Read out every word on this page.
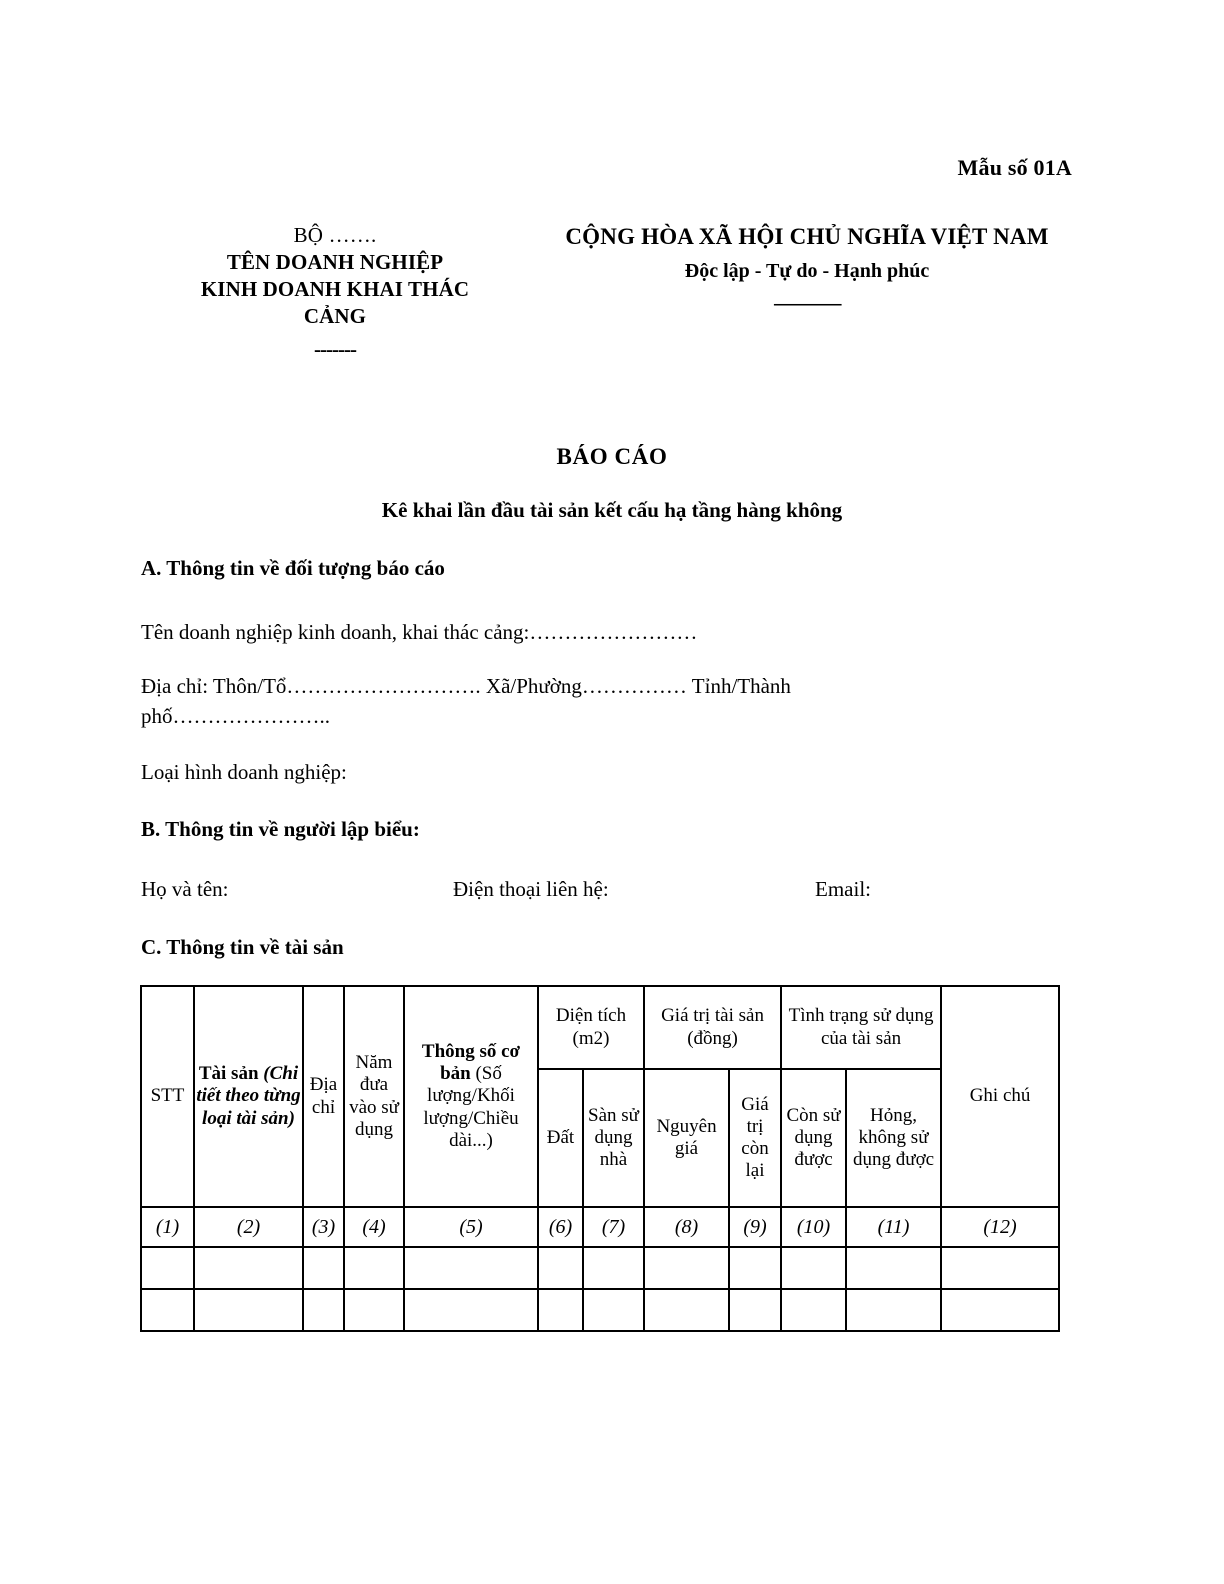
Mẫu số 01A
BỘ …….
TÊN DOANH NGHIỆP
KINH DOANH KHAI THÁC
CẢNG
-------
CỘNG HÒA XÃ HỘI CHỦ NGHĨA VIỆT NAM
Độc lập - Tự do - Hạnh phúc
---------------
BÁO CÁO
Kê khai lần đầu tài sản kết cấu hạ tầng hàng không
A. Thông tin về đối tượng báo cáo
Tên doanh nghiệp kinh doanh, khai thác cảng:……………………
Địa chỉ: Thôn/Tổ………………………. Xã/Phường…………… Tỉnh/Thành phố…………………..
Loại hình doanh nghiệp:
B. Thông tin về người lập biểu:
Họ và tên:	Điện thoại liên hệ:	Email:
C. Thông tin về tài sản
STT	Tài sản (Chi tiết theo từng loại tài sản)	Địa chỉ	Năm đưa vào sử dụng	Thông số cơ bản (Số lượng/Khối lượng/Chiều dài...)	Diện tích (m2)		Giá trị tài sản (đồng)		Tình trạng sử dụng của tài sản		Ghi chú
					Đất	Sàn sử dụng nhà	Nguyên giá	Giá trị còn lại	Còn sử dụng được	Hỏng, không sử dụng được	
(1)	(2)	(3)	(4)	(5)	(6)	(7)	(8)	(9)	(10)	(11)	(12)
